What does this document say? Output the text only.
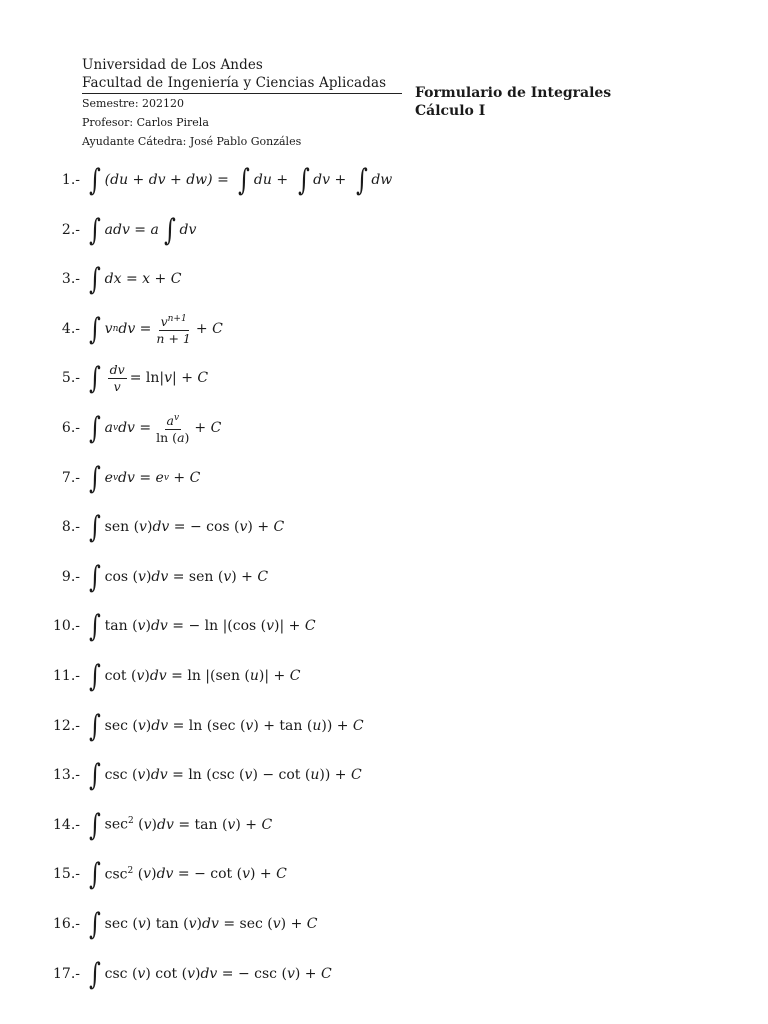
Universidad de Los Andes
Facultad de Ingeniería y Ciencias Aplicadas
Semestre: 202120
Profesor: Carlos Pirela
Ayudante Cátedra: José Pablo Gonzáles
Formulario de Integrales
Cálculo I
1.- ∫ (du + dv + dw) = ∫ du + ∫ dv + ∫ dw
2.- ∫ adv = a ∫ dv
3.- ∫ dx = x + C
4.- ∫ v n dv = $\frac{v^{n+1}}{n + 1} + C$
5.- ∫ $\frac{dv}{v} = \ln|$ v | + C
6.- ∫ a v dv = $\frac{a^v}{\ln (a)} + C$
7.- ∫ e v dv = e v + C
8.- ∫ sen ( v ) dv = − cos ( v ) + C
9.- ∫ cos ( v ) dv = sen ( v ) + C
10.- ∫ tan ( v ) dv = − ln |(cos ( v )| + C
11.- ∫ cot ( v ) dv = ln |(sen ( u )| + C
12.- ∫ sec ( v ) dv = ln (sec ( v ) + tan ( u )) + C
13.- ∫ csc ( v ) dv = ln (csc ( v ) − cot ( u )) + C
14.- ∫ $\sec^2$ ( v ) dv = tan ( v ) + C
15.- ∫ $\csc^2$ ( v ) dv = − cot ( v ) + C
16.- ∫ sec ( v ) tan ( v ) dv = sec ( v ) + C
17.- ∫ csc ( v ) cot ( v ) dv = − csc ( v ) + C
